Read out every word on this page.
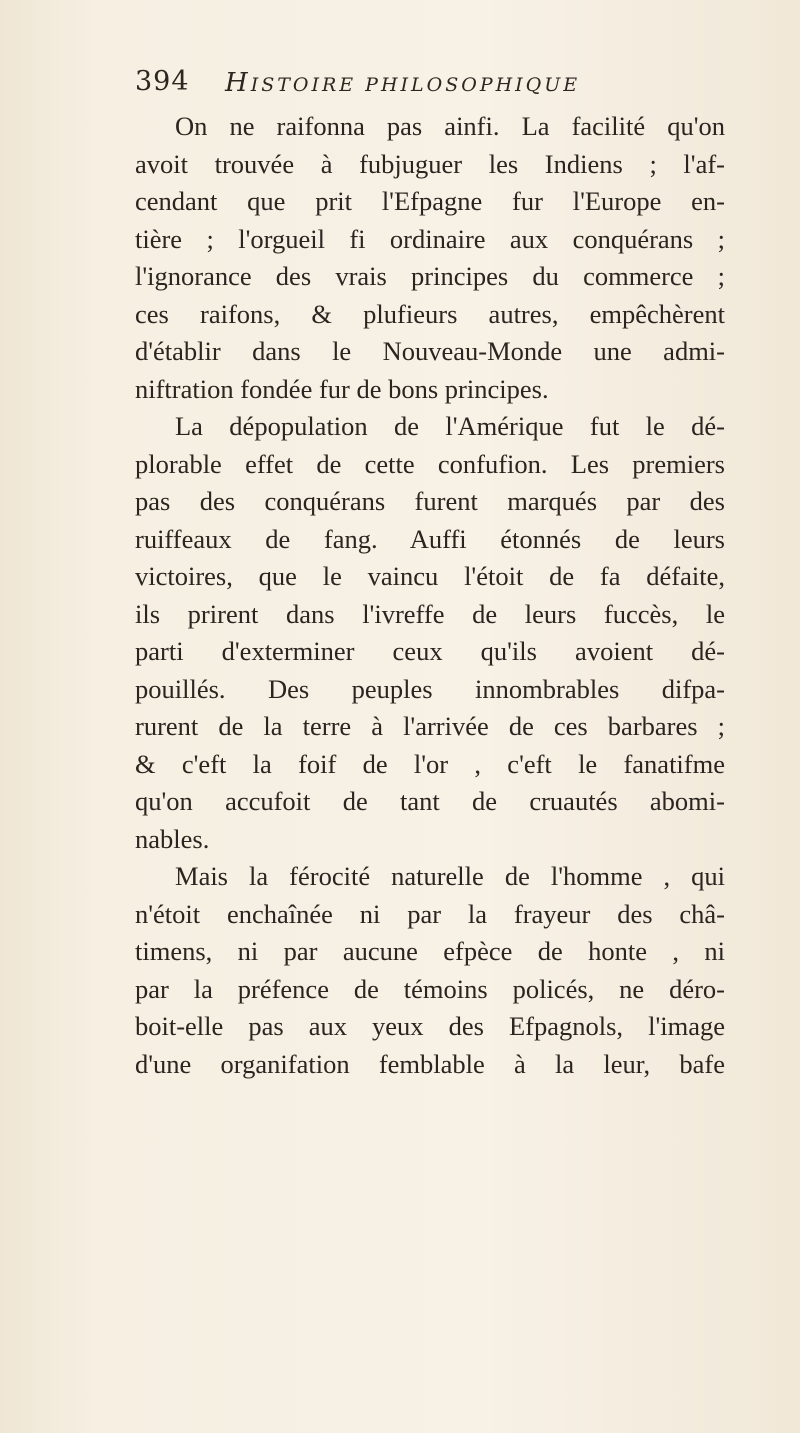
394 HISTOIRE PHILOSOPHIQUE
On ne raifonna pas ainfi. La facilité qu'on
avoit trouvée à fubjuguer les Indiens ; l'af-
cendant que prit l'Efpagne fur l'Europe en-
tière ; l'orgueil fi ordinaire aux conquérans ;
l'ignorance des vrais principes du commerce ;
ces raifons, & plufieurs autres, empêchèrent
d'établir dans le Nouveau-Monde une admi-
niftration fondée fur de bons principes.
La dépopulation de l'Amérique fut le dé-
plorable effet de cette confufion. Les premiers
pas des conquérans furent marqués par des
ruiffeaux de fang. Auffi étonnés de leurs
victoires, que le vaincu l'étoit de fa défaite,
ils prirent dans l'ivreffe de leurs fuccès, le
parti d'exterminer ceux qu'ils avoient dé-
pouillés. Des peuples innombrables difpa-
rurent de la terre à l'arrivée de ces barbares ;
& c'eft la foif de l'or , c'eft le fanatifme
qu'on accufoit de tant de cruautés abomi-
nables.
Mais la férocité naturelle de l'homme , qui
n'étoit enchaînée ni par la frayeur des châ-
timens, ni par aucune efpèce de honte , ni
par la préfence de témoins policés, ne déro-
boit-elle pas aux yeux des Efpagnols, l'image
d'une organifation femblable à la leur, bafe
